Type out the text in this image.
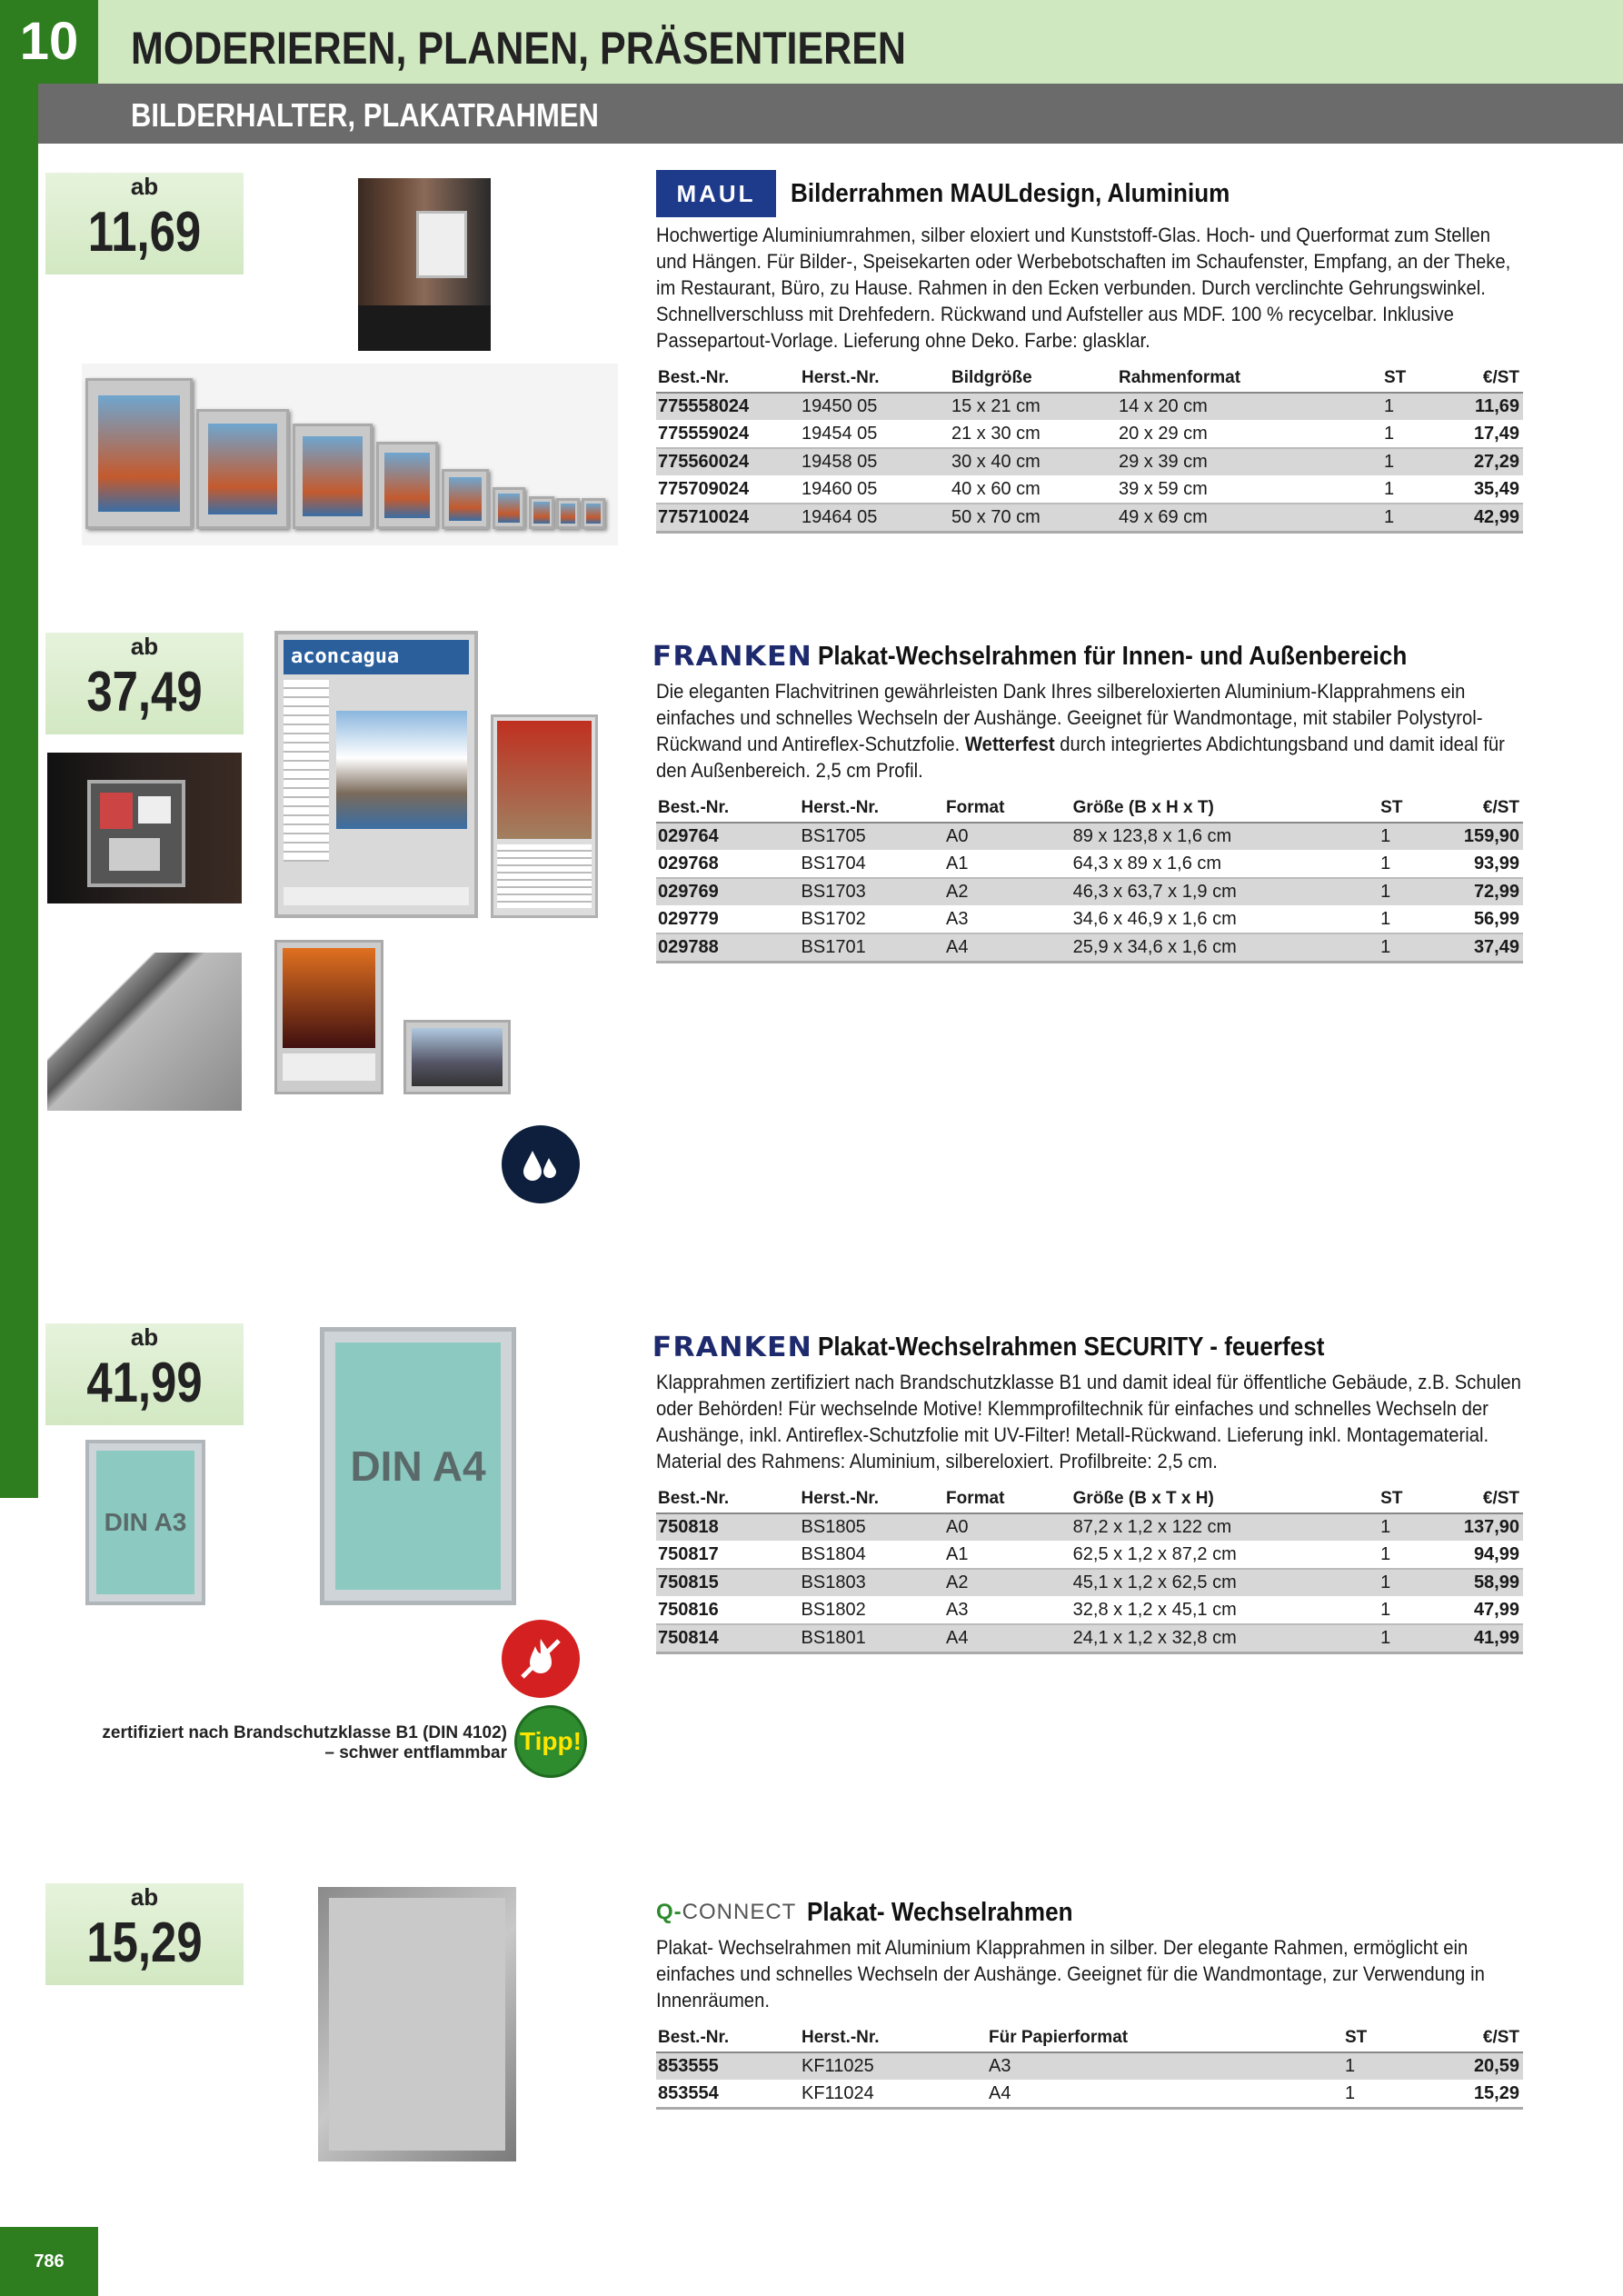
10	MODERIEREN, PLANEN, PRÄSENTIEREN
BILDERHALTER, PLAKATRAHMEN
786
ab
11,69
MAUL	Bilderrahmen MAULdesign, Aluminium
Hochwertige Aluminiumrahmen, silber eloxiert und Kunststoff-Glas. Hoch- und Querformat zum Stellen und Hängen. Für Bilder-, Speisekarten oder Werbebotschaften im Schaufenster, Empfang, an der Theke, im Restaurant, Büro, zu Hause. Rahmen in den Ecken verbunden. Durch verclinchte Gehrungswinkel. Schnellverschluss mit Drehfedern. Rückwand und Aufsteller aus MDF. 100 % recycelbar. Inklusive Passepartout-Vorlage. Lieferung ohne Deko. Farbe: glasklar.
Best.-Nr.	Herst.-Nr.	Bildgröße	Rahmenformat	ST	€/ST
775558024	19450 05	15 x 21 cm	14 x 20 cm	1	11,69
775559024	19454 05	21 x 30 cm	20 x 29 cm	1	17,49
775560024	19458 05	30 x 40 cm	29 x 39 cm	1	27,29
775709024	19460 05	40 x 60 cm	39 x 59 cm	1	35,49
775710024	19464 05	50 x 70 cm	49 x 69 cm	1	42,99
ab
37,49
aconcagua	FRANKEN Plakat-Wechselrahmen für Innen- und Außenbereich
Die eleganten Flachvitrinen gewährleisten Dank Ihres silbereloxierten Aluminium-Klapprahmens ein einfaches und schnelles Wechseln der Aushänge. Geeignet für Wandmontage, mit stabiler Polystyrol-Rückwand und Antireflex-Schutzfolie. Wetterfest durch integriertes Abdichtungsband und damit ideal für den Außenbereich. 2,5 cm Profil.
Best.-Nr.	Herst.-Nr.	Format	Größe (B x H x T)	ST	€/ST
029764	BS1705	A0	89 x 123,8 x 1,6 cm	1	159,90
029768	BS1704	A1	64,3 x 89 x 1,6 cm	1	93,99
029769	BS1703	A2	46,3 x 63,7 x 1,9 cm	1	72,99
029779	BS1702	A3	34,6 x 46,9 x 1,6 cm	1	56,99
029788	BS1701	A4	25,9 x 34,6 x 1,6 cm	1	37,49
ab
41,99
DIN A3
DIN A4
zertifiziert nach Brandschutzklasse B1 (DIN 4102) – schwer entflammbar Tipp!
FRANKEN Plakat-Wechselrahmen SECURITY - feuerfest
Klapprahmen zertifiziert nach Brandschutzklasse B1 und damit ideal für öffentliche Gebäude, z.B. Schulen oder Behörden! Für wechselnde Motive! Klemmprofiltechnik für einfaches und schnelles Wechseln der Aushänge, inkl. Antireflex-Schutzfolie mit UV-Filter! Metall-Rückwand. Lieferung inkl. Montagematerial. Material des Rahmens: Aluminium, silbereloxiert. Profilbreite: 2,5 cm.
Best.-Nr.	Herst.-Nr.	Format	Größe (B x T x H)	ST	€/ST
750818	BS1805	A0	87,2 x 1,2 x 122 cm	1	137,90
750817	BS1804	A1	62,5 x 1,2 x 87,2 cm	1	94,99
750815	BS1803	A2	45,1 x 1,2 x 62,5 cm	1	58,99
750816	BS1802	A3	32,8 x 1,2 x 45,1 cm	1	47,99
750814	BS1801	A4	24,1 x 1,2 x 32,8 cm	1	41,99
ab
15,29	Q-CONNECT Plakat- Wechselrahmen
Plakat- Wechselrahmen mit Aluminium Klapprahmen in silber. Der elegante Rahmen, ermöglicht ein einfaches und schnelles Wechseln der Aushänge. Geeignet für die Wandmontage, zur Verwendung in Innenräumen.
Best.-Nr.	Herst.-Nr.	Für Papierformat	ST	€/ST
853555	KF11025	A3	1	20,59
853554	KF11024	A4	1	15,29
